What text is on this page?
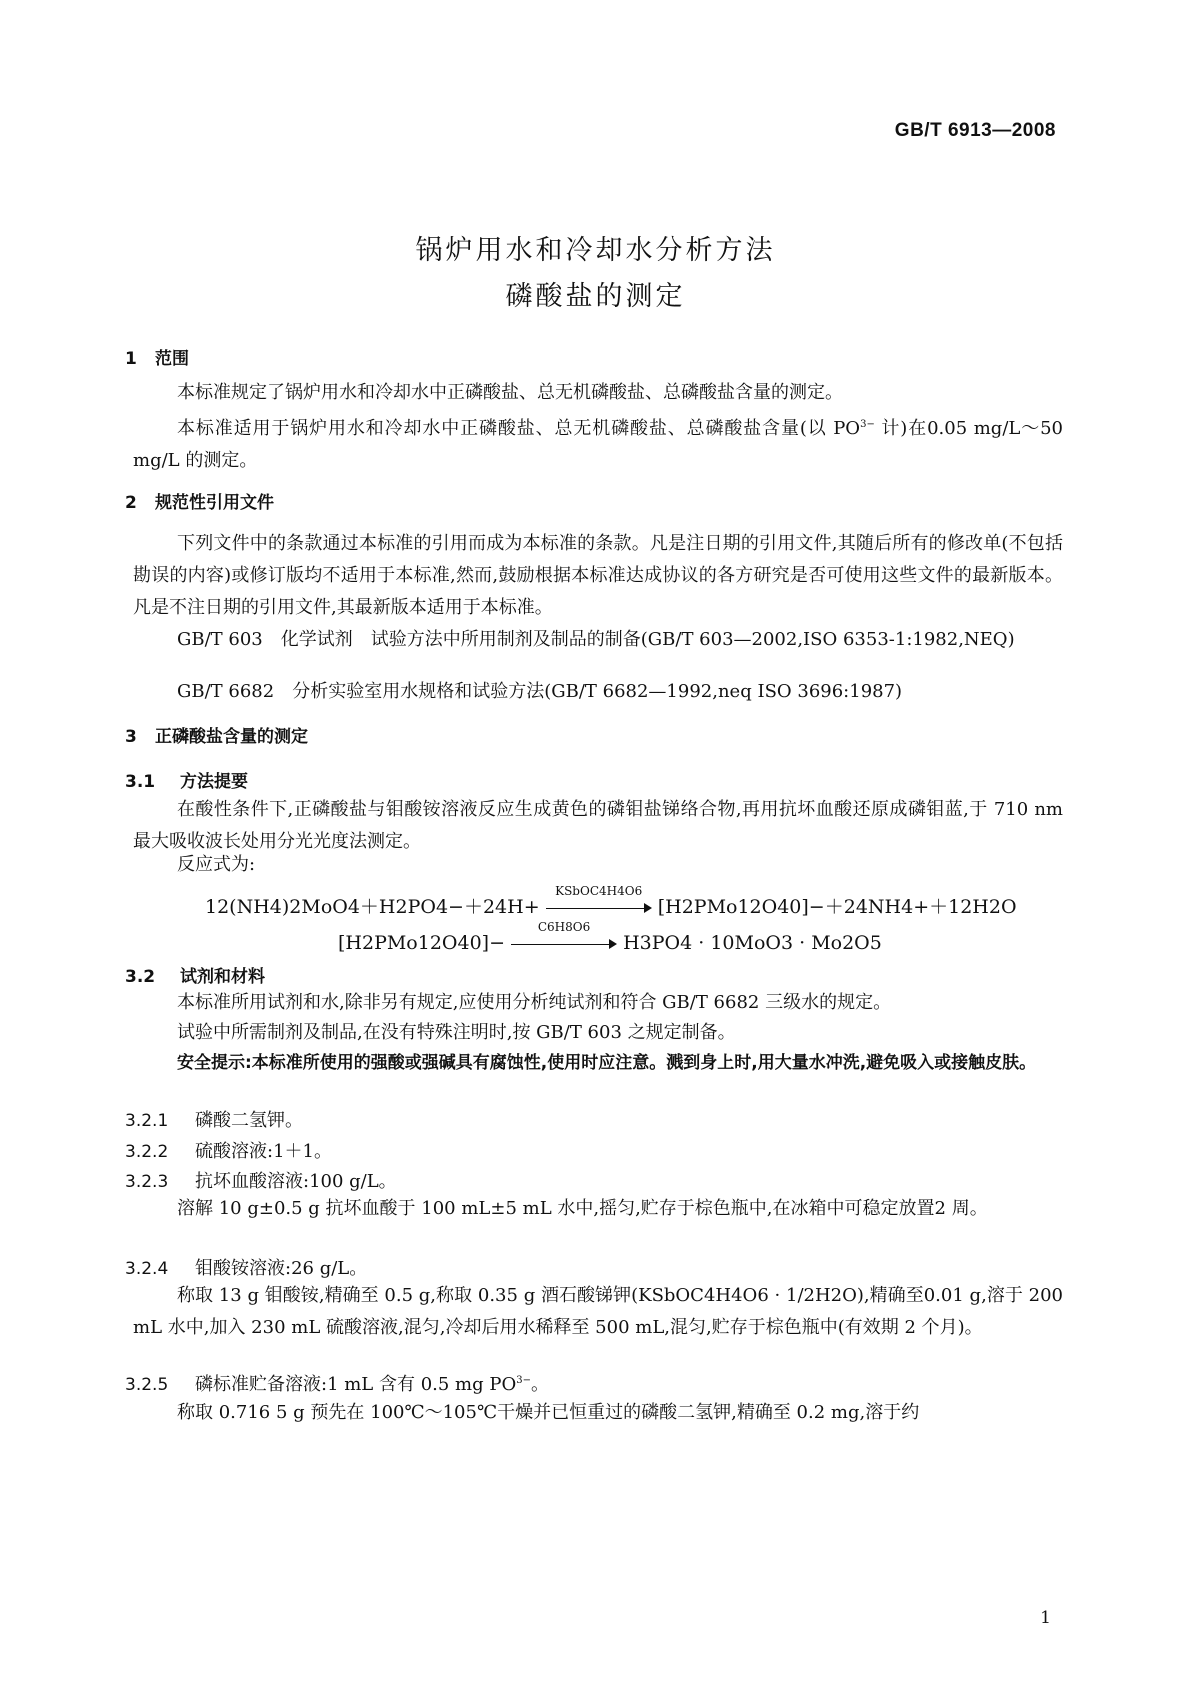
GB/T 6913—2008
锅炉用水和冷却水分析方法
磷酸盐的测定
1 范围
本标准规定了锅炉用水和冷却水中正磷酸盐、总无机磷酸盐、总磷酸盐含量的测定。
本标准适用于锅炉用水和冷却水中正磷酸盐、总无机磷酸盐、总磷酸盐含量(以 $PO^{3-}$ 计)在0.05 mg/L～50 mg/L 的测定。
2 规范性引用文件
下列文件中的条款通过本标准的引用而成为本标准的条款。凡是注日期的引用文件,其随后所有的修改单(不包括勘误的内容)或修订版均不适用于本标准,然而,鼓励根据本标准达成协议的各方研究是否可使用这些文件的最新版本。凡是不注日期的引用文件,其最新版本适用于本标准。
GB/T 603　化学试剂　试验方法中所用制剂及制品的制备(GB/T 603—2002,ISO 6353-1:1982,NEQ)
GB/T 6682　分析实验室用水规格和试验方法(GB/T 6682—1992,neq ISO 3696:1987)
3 正磷酸盐含量的测定
3.1 方法提要
在酸性条件下,正磷酸盐与钼酸铵溶液反应生成黄色的磷钼盐锑络合物,再用抗坏血酸还原成磷钼蓝,于 710 nm 最大吸收波长处用分光光度法测定。
反应式为:
12(NH4)2MoO4＋H2PO4−＋24H+
KSbOC4H4O6
[H2PMo12O40]−＋24NH4+＋12H2O
[H2PMo12O40]−
C6H8O6
H3PO4 · 10MoO3 · Mo2O5
3.2 试剂和材料
本标准所用试剂和水,除非另有规定,应使用分析纯试剂和符合 GB/T 6682 三级水的规定。
试验中所需制剂及制品,在没有特殊注明时,按 GB/T 603 之规定制备。
安全提示:本标准所使用的强酸或强碱具有腐蚀性,使用时应注意。溅到身上时,用大量水冲洗,避免吸入或接触皮肤。
3.2.1 磷酸二氢钾。
3.2.2 硫酸溶液:1＋1。
3.2.3 抗坏血酸溶液:100 g/L。
溶解 10 g±0.5 g 抗坏血酸于 100 mL±5 mL 水中,摇匀,贮存于棕色瓶中,在冰箱中可稳定放置2 周。
3.2.4 钼酸铵溶液:26 g/L。
称取 13 g 钼酸铵,精确至 0.5 g,称取 0.35 g 酒石酸锑钾(KSbOC4H4O6 · 1/2H2O),精确至0.01 g,溶于 200 mL 水中,加入 230 mL 硫酸溶液,混匀,冷却后用水稀释至 500 mL,混匀,贮存于棕色瓶中(有效期 2 个月)。
3.2.5 磷标准贮备溶液:1 mL 含有 0.5 mg $PO^{3-}$。
称取 0.716 5 g 预先在 100℃～105℃干燥并已恒重过的磷酸二氢钾,精确至 0.2 mg,溶于约
1
